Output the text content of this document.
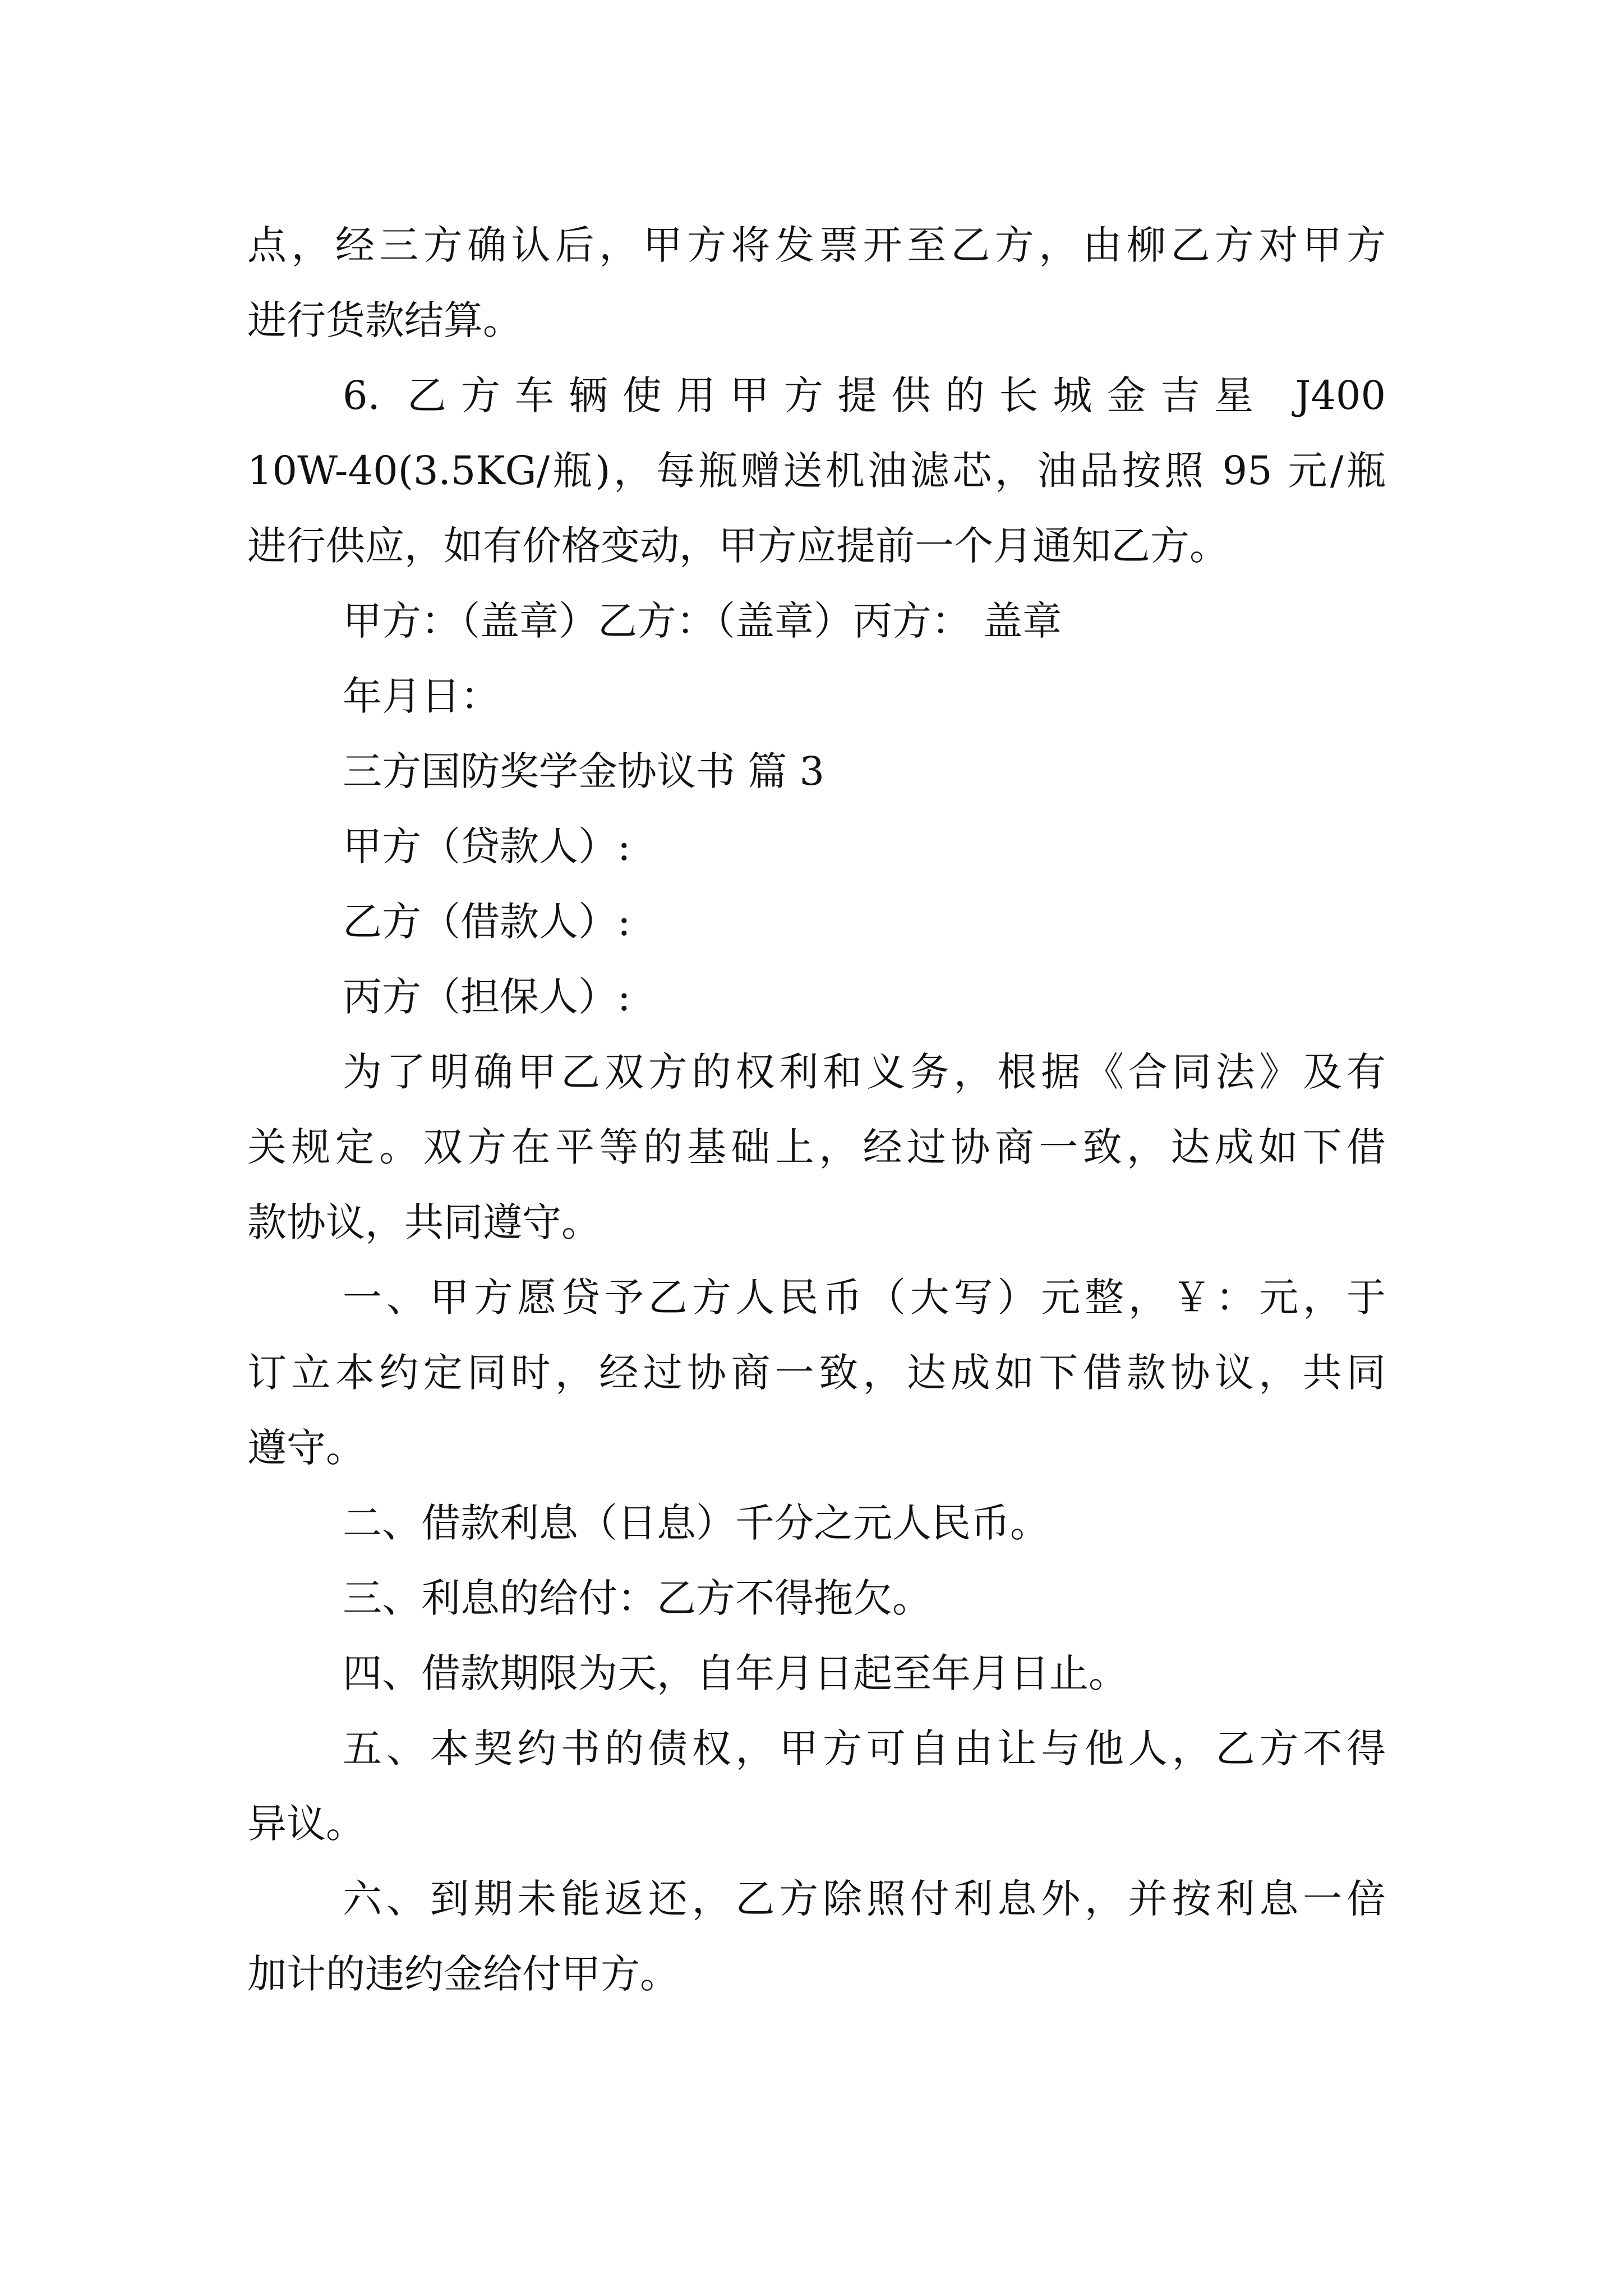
点，经三方确认后，甲方将发票开至乙方，由柳乙方对甲方
进行货款结算。
6. 乙方车辆使用甲方提供的长城金吉星 J400
10W-40(3.5KG/瓶)，每瓶赠送机油滤芯，油品按照 95 元/瓶
进行供应，如有价格变动，甲方应提前一个月通知乙方。
甲方：（盖章）乙方：（盖章）丙方： 盖章
年月日：
三方国防奖学金协议书 篇 3
甲方（贷款人）:
乙方（借款人）:
丙方（担保人）:
为了明确甲乙双方的权利和义务，根据《合同法》及有
关规定。双方在平等的基础上，经过协商一致，达成如下借
款协议，共同遵守。
一、甲方愿贷予乙方人民币（大写）元整，￥：元，于
订立本约定同时，经过协商一致，达成如下借款协议，共同
遵守。
二、借款利息（日息）千分之元人民币。
三、利息的给付：乙方不得拖欠。
四、借款期限为天，自年月日起至年月日止。
五、本契约书的债权，甲方可自由让与他人，乙方不得
异议。
六、到期未能返还，乙方除照付利息外，并按利息一倍
加计的违约金给付甲方。
